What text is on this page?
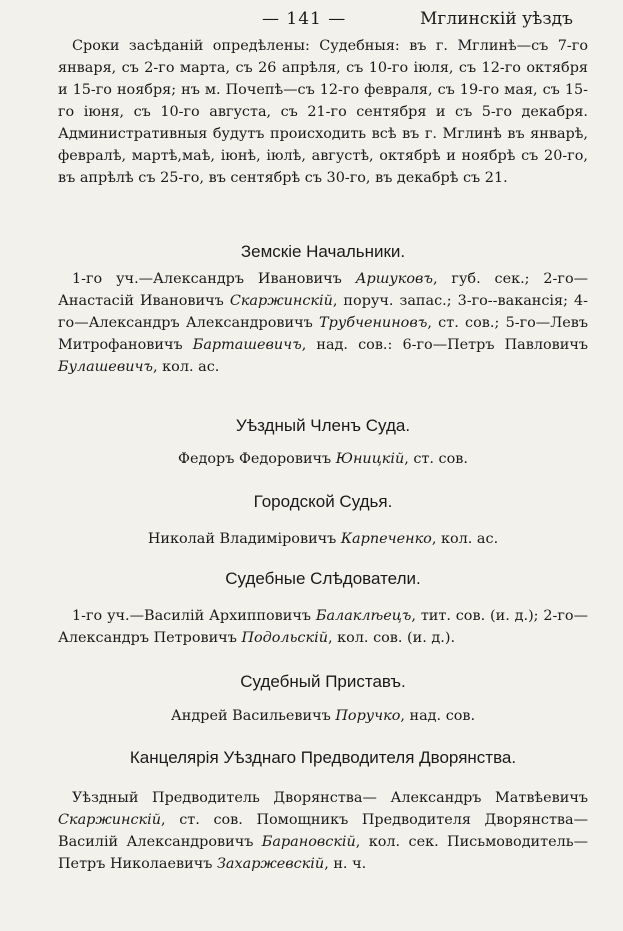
— 141 —	Мглинскій уѣздъ

Сроки засѣданій опредѣлены: Судебныя: въ г. Мглинѣ—съ 7-го января, съ 2-го марта, съ 26 апрѣля, съ 10-го іюля, съ 12-го октября и 15-го ноября; нъ м. Почепѣ—съ 12-го февраля, съ 19-го мая, съ 15-го іюня, съ 10-го августа, съ 21-го сентября и съ 5-го декабря. Административныя будутъ происходить всѣ въ г. Мглинѣ въ январѣ, февралѣ, мартѣ,маѣ, іюнѣ, іюлѣ, августѣ, октябрѣ и ноябрѣ съ 20-го, въ апрѣлѣ съ 25-го, въ сентябрѣ съ 30-го, въ декабрѣ съ 21.

Земскіе Начальники.

1-го уч.—Александръ Ивановичъ Аршуковъ, губ. сек.; 2-го—Анастасій Ивановичъ Скаржинскій, поруч. запас.; 3-го--вакансія; 4-го—Александръ Александровичъ Трубчениновъ, ст. сов.; 5-го—Левъ Митрофановичъ Барташевичъ, над. сов.: 6-го—Петръ Павловичъ Булашевичъ, кол. ас.

Уѣздный Членъ Суда.

Федоръ Федоровичъ Юницкій, ст. сов.

Городской Судья.

Николай Владиміровичъ Карпеченко, кол. ас.

Судебные Слѣдователи.

1-го уч.—Василій Архипповичъ Балаклѣецъ, тит. сов. (и. д.); 2-го—Александръ Петровичъ Подольскій, кол. сов. (и. д.).

Судебный Приставъ.

Андрей Васильевичъ Поручко, над. сов.

Канцелярія Уѣзднаго Предводителя Дворянства.

Уѣздный Предводитель Дворянства— Александръ Матвѣевичъ Скаржинскій, ст. сов. Помощникъ Предводителя Дворянства—Василій Александровичъ Барановскій, кол. сек. Письмоводитель—Петръ Николаевичъ Захаржевскій, н. ч.
